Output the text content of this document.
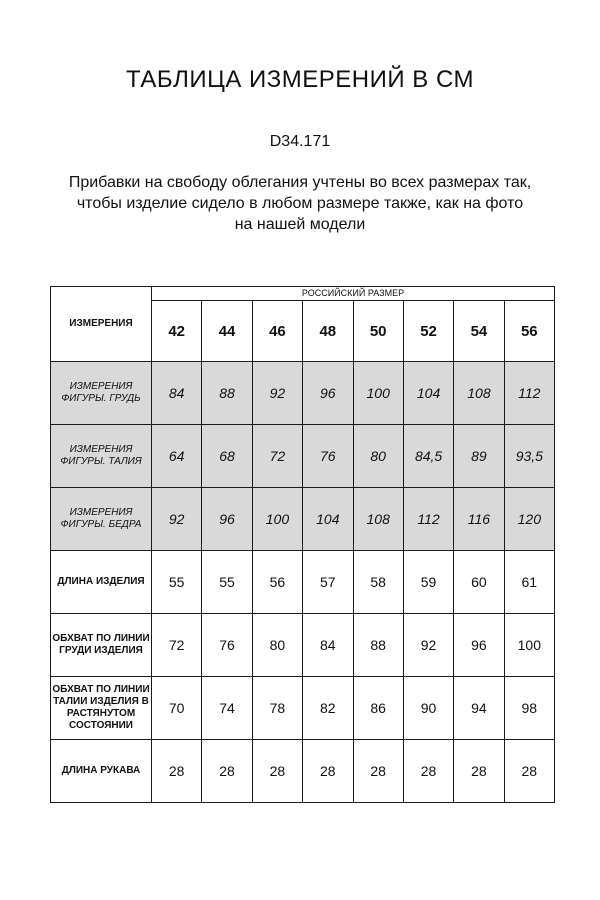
ТАБЛИЦА ИЗМЕРЕНИЙ В СМ
D34.171
Прибавки на свободу облегания учтены во всех размерах так,
чтобы изделие сидело в любом размере также, как на фото
на нашей модели
ИЗМЕРЕНИЯ	РОССИЙСКИЙ РАЗМЕР							
	42	44	46	48	50	52	54	56
ИЗМЕРЕНИЯ ФИГУРЫ. ГРУДЬ	84	88	92	96	100	104	108	112
ИЗМЕРЕНИЯ ФИГУРЫ. ТАЛИЯ	64	68	72	76	80	84,5	89	93,5
ИЗМЕРЕНИЯ ФИГУРЫ. БЕДРА	92	96	100	104	108	112	116	120
ДЛИНА ИЗДЕЛИЯ	55	55	56	57	58	59	60	61
ОБХВАТ ПО ЛИНИИ ГРУДИ ИЗДЕЛИЯ	72	76	80	84	88	92	96	100
ОБХВАТ ПО ЛИНИИ ТАЛИИ ИЗДЕЛИЯ В РАСТЯНУТОМ СОСТОЯНИИ	70	74	78	82	86	90	94	98
ДЛИНА РУКАВА	28	28	28	28	28	28	28	28
